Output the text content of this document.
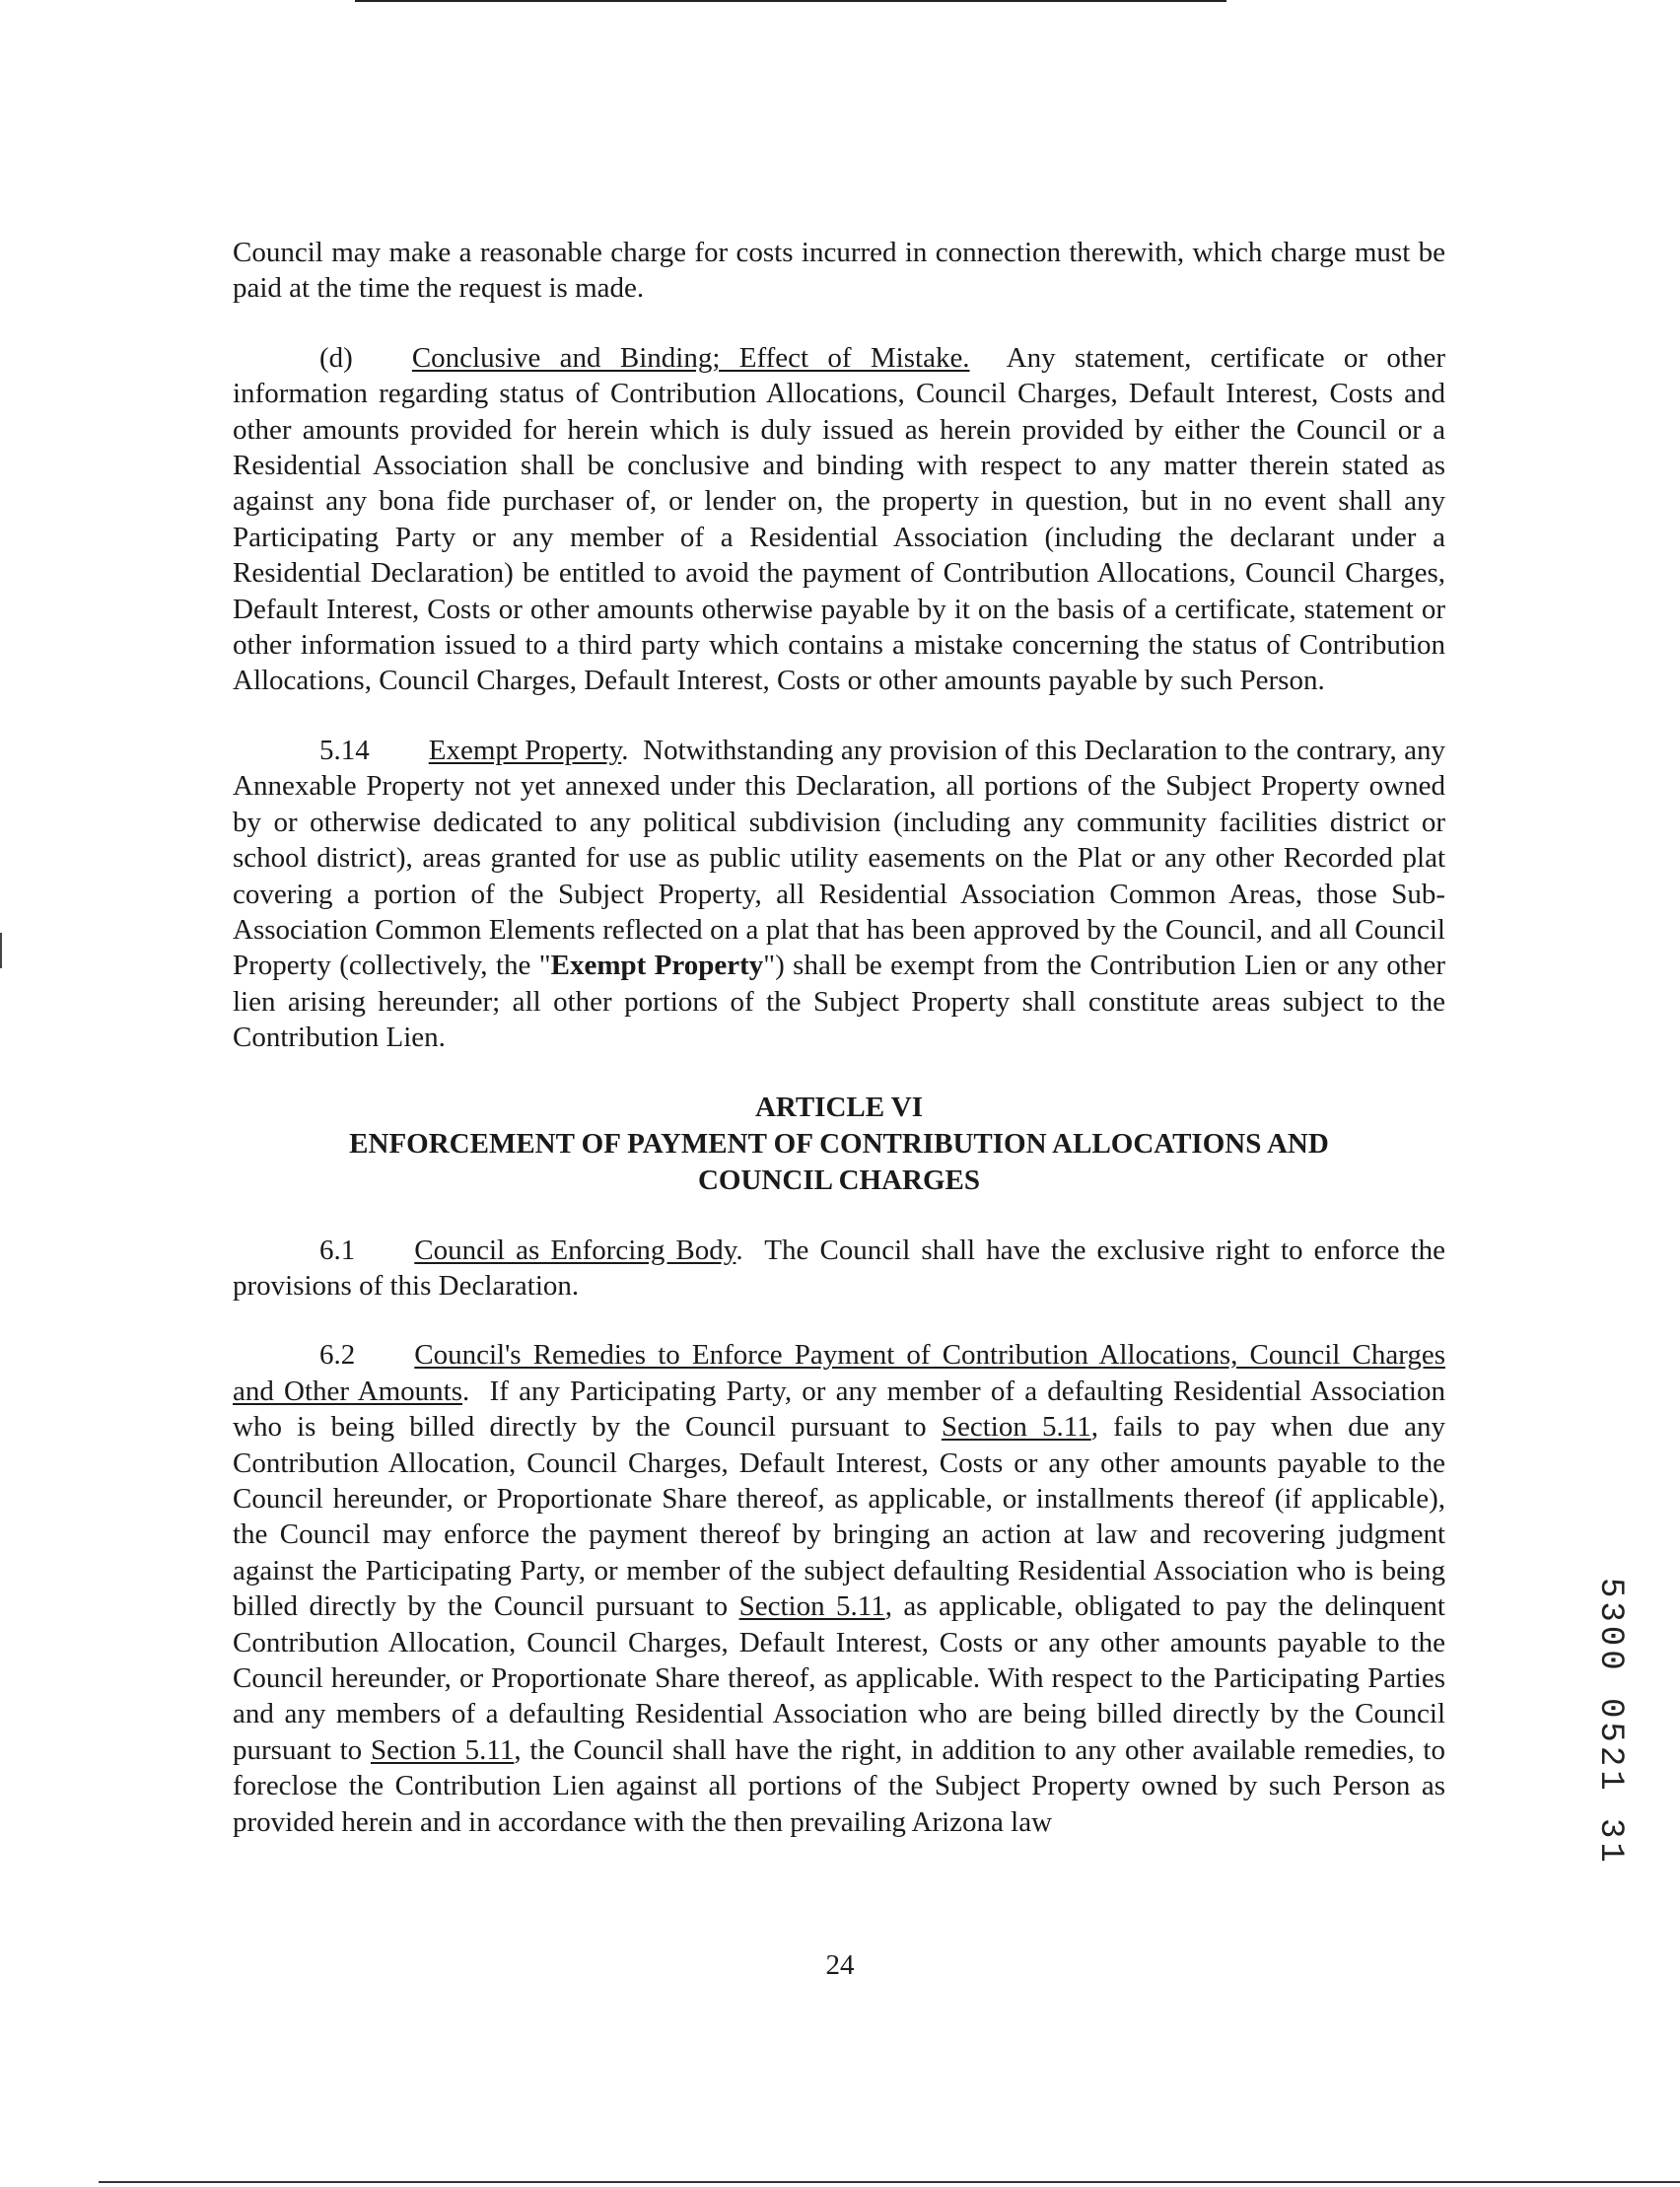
Council may make a reasonable charge for costs incurred in connection therewith, which charge must be paid at the time the request is made.

(d) Conclusive and Binding; Effect of Mistake. Any statement, certificate or other information regarding status of Contribution Allocations, Council Charges, Default Interest, Costs and other amounts provided for herein which is duly issued as herein provided by either the Council or a Residential Association shall be conclusive and binding with respect to any matter therein stated as against any bona fide purchaser of, or lender on, the property in question, but in no event shall any Participating Party or any member of a Residential Association (including the declarant under a Residential Declaration) be entitled to avoid the payment of Contribution Allocations, Council Charges, Default Interest, Costs or other amounts otherwise payable by it on the basis of a certificate, statement or other information issued to a third party which contains a mistake concerning the status of Contribution Allocations, Council Charges, Default Interest, Costs or other amounts payable by such Person.

5.14 Exempt Property. Notwithstanding any provision of this Declaration to the contrary, any Annexable Property not yet annexed under this Declaration, all portions of the Subject Property owned by or otherwise dedicated to any political subdivision (including any community facilities district or school district), areas granted for use as public utility easements on the Plat or any other Recorded plat covering a portion of the Subject Property, all Residential Association Common Areas, those Sub-Association Common Elements reflected on a plat that has been approved by the Council, and all Council Property (collectively, the "Exempt Property") shall be exempt from the Contribution Lien or any other lien arising hereunder; all other portions of the Subject Property shall constitute areas subject to the Contribution Lien.

ARTICLE VI
ENFORCEMENT OF PAYMENT OF CONTRIBUTION ALLOCATIONS AND
COUNCIL CHARGES

6.1 Council as Enforcing Body. The Council shall have the exclusive right to enforce the provisions of this Declaration.

6.2 Council's Remedies to Enforce Payment of Contribution Allocations, Council Charges and Other Amounts. If any Participating Party, or any member of a defaulting Residential Association who is being billed directly by the Council pursuant to Section 5.11, fails to pay when due any Contribution Allocation, Council Charges, Default Interest, Costs or any other amounts payable to the Council hereunder, or Proportionate Share thereof, as applicable, or installments thereof (if applicable), the Council may enforce the payment thereof by bringing an action at law and recovering judgment against the Participating Party, or member of the subject defaulting Residential Association who is being billed directly by the Council pursuant to Section 5.11, as applicable, obligated to pay the delinquent Contribution Allocation, Council Charges, Default Interest, Costs or any other amounts payable to the Council hereunder, or Proportionate Share thereof, as applicable. With respect to the Participating Parties and any members of a defaulting Residential Association who are being billed directly by the Council pursuant to Section 5.11, the Council shall have the right, in addition to any other available remedies, to foreclose the Contribution Lien against all portions of the Subject Property owned by such Person as provided herein and in accordance with the then prevailing Arizona law	5300 0521 31
24
